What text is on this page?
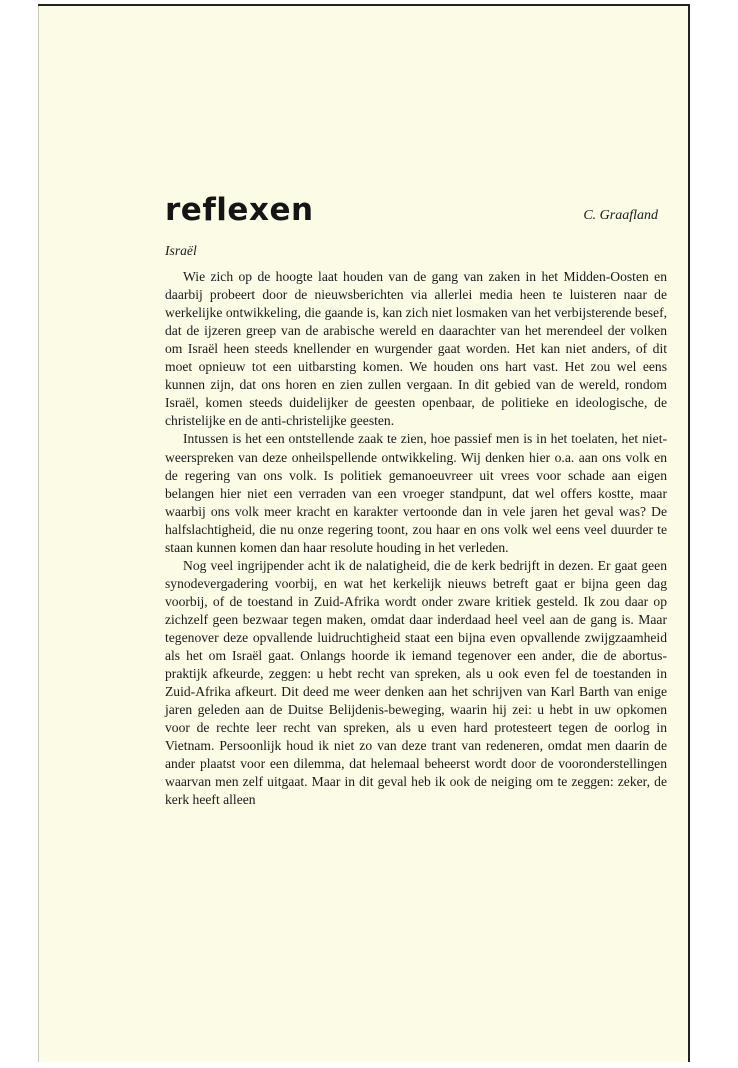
reflexen	C. Graafland
Israël

Wie zich op de hoogte laat houden van de gang van zaken in het Midden-Oosten en daarbij probeert door de nieuwsberichten via allerlei media heen te luisteren naar de werkelijke ontwikkeling, die gaande is, kan zich niet losmaken van het verbijsterende besef, dat de ijzeren greep van de arabische wereld en daarachter van het merendeel der volken om Israël heen steeds knellender en wurgender gaat worden. Het kan niet anders, of dit moet opnieuw tot een uitbarsting komen. We houden ons hart vast. Het zou wel eens kunnen zijn, dat ons horen en zien zullen vergaan. In dit gebied van de wereld, rondom Israël, komen steeds duidelijker de geesten openbaar, de politieke en ideologische, de christelijke en de anti-christelijke geesten.

Intussen is het een ontstellende zaak te zien, hoe passief men is in het toelaten, het niet-weerspreken van deze onheilspellende ontwikkeling. Wij denken hier o.a. aan ons volk en de regering van ons volk. Is politiek gemanoeuvreer uit vrees voor schade aan eigen belangen hier niet een verraden van een vroeger standpunt, dat wel offers kostte, maar waarbij ons volk meer kracht en karakter vertoonde dan in vele jaren het geval was? De halfslachtigheid, die nu onze regering toont, zou haar en ons volk wel eens veel duurder te staan kunnen komen dan haar resolute houding in het verleden.

Nog veel ingrijpender acht ik de nalatigheid, die de kerk bedrijft in dezen. Er gaat geen synodevergadering voorbij, en wat het kerkelijk nieuws betreft gaat er bijna geen dag voorbij, of de toestand in Zuid-Afrika wordt onder zware kritiek gesteld. Ik zou daar op zichzelf geen bezwaar tegen maken, omdat daar inderdaad heel veel aan de gang is. Maar tegenover deze opvallende luidruchtigheid staat een bijna even opvallende zwijgzaamheid als het om Israël gaat. Onlangs hoorde ik iemand tegenover een ander, die de abortus-praktijk afkeurde, zeggen: u hebt recht van spreken, als u ook even fel de toestanden in Zuid-Afrika afkeurt. Dit deed me weer denken aan het schrijven van Karl Barth van enige jaren geleden aan de Duitse Belijdenis-beweging, waarin hij zei: u hebt in uw opkomen voor de rechte leer recht van spreken, als u even hard protesteert tegen de oorlog in Vietnam. Persoonlijk houd ik niet zo van deze trant van redeneren, omdat men daarin de ander plaatst voor een dilemma, dat helemaal beheerst wordt door de vooronderstellingen waarvan men zelf uitgaat. Maar in dit geval heb ik ook de neiging om te zeggen: zeker, de kerk heeft alleen
